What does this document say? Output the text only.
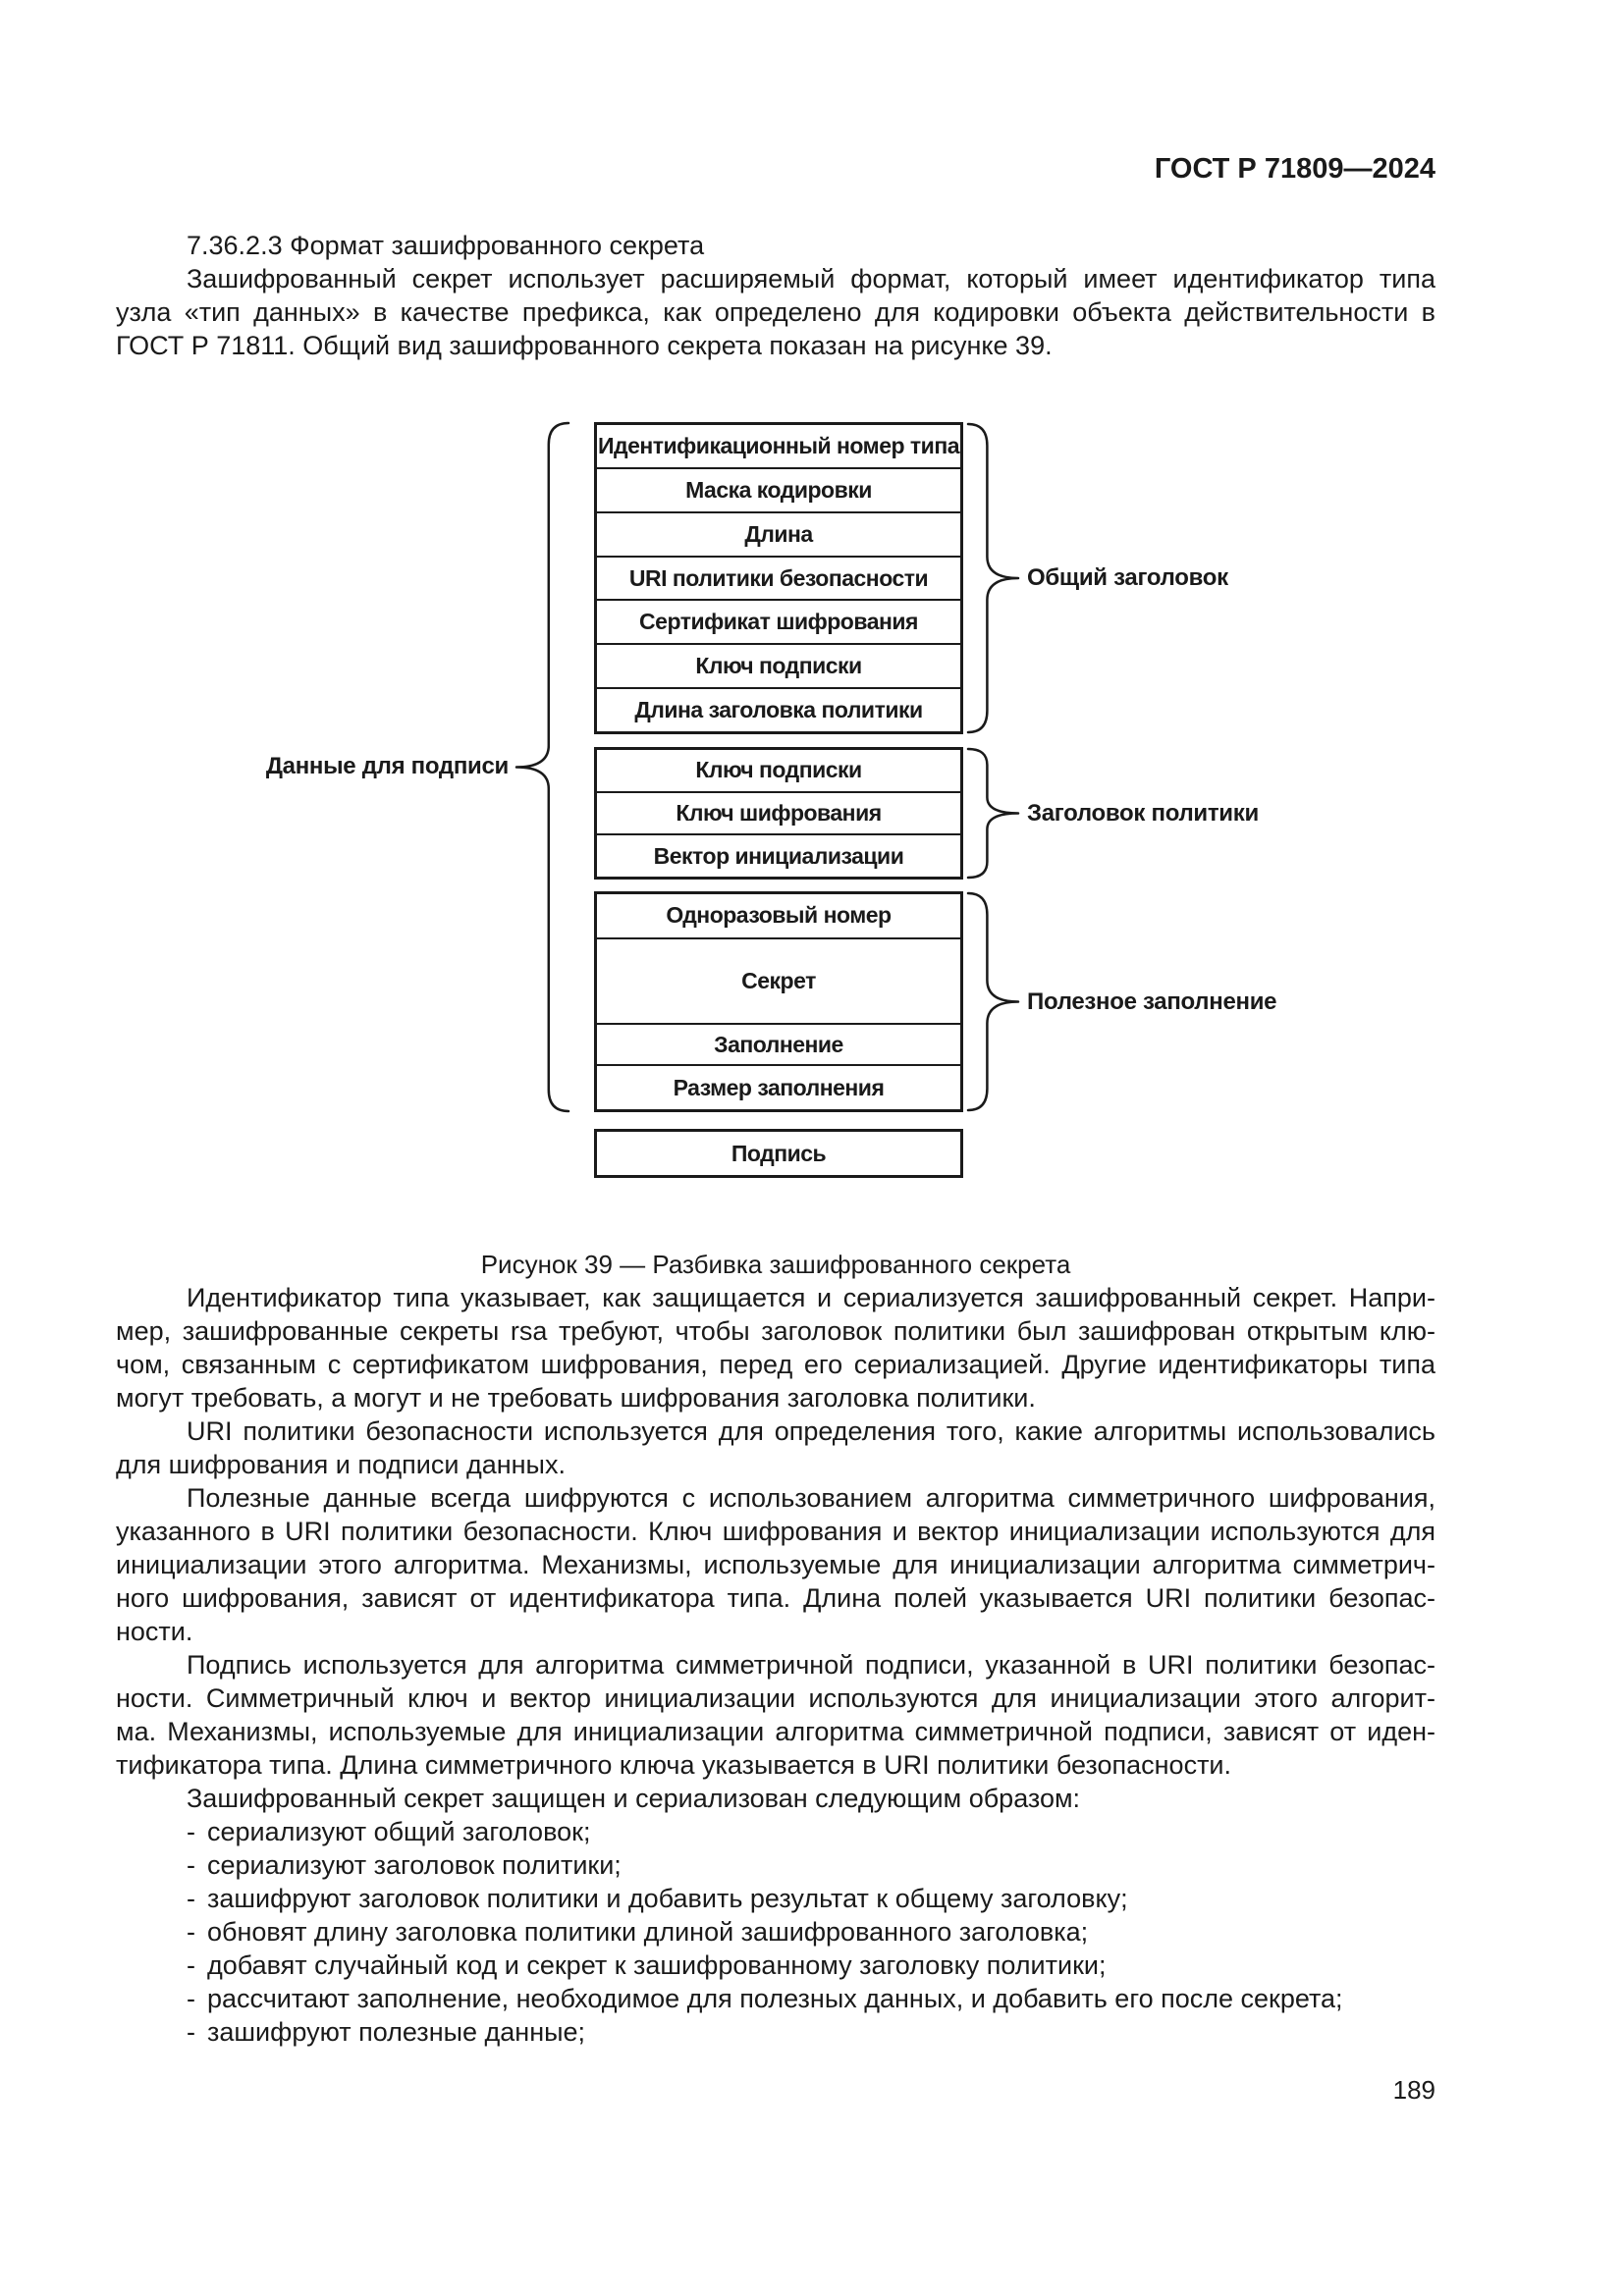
ГОСТ Р 71809—2024
7.36.2.3 Формат зашифрованного секрета
Зашифрованный секрет использует расширяемый формат, который имеет идентификатор типа
узла «тип данных» в качестве префикса, как определено для кодировки объекта действительности в
ГОСТ Р 71811. Общий вид зашифрованного секрета показан на рисунке 39.
Данные для подписи
Подпись
Идентификационный номер типа
Маска кодировки
Длина
URI политики безопасности
Сертификат шифрования
Ключ подписки
Длина заголовка политики
Общий заголовок
Ключ подписки
Ключ шифрования
Вектор инициализации
Заголовок политики
Одноразовый номер
Секрет
Заполнение
Размер заполнения
Полезное заполнение
Рисунок 39 — Разбивка зашифрованного секрета
Идентификатор типа указывает, как защищается и сериализуется зашифрованный секрет. Напри-
мер, зашифрованные секреты rsa требуют, чтобы заголовок политики был зашифрован открытым клю-
чом, связанным с сертификатом шифрования, перед его сериализацией. Другие идентификаторы типа
могут требовать, а могут и не требовать шифрования заголовка политики.
URI политики безопасности используется для определения того, какие алгоритмы использовались
для шифрования и подписи данных.
Полезные данные всегда шифруются с использованием алгоритма симметричного шифрования,
указанного в URI политики безопасности. Ключ шифрования и вектор инициализации используются для
инициализации этого алгоритма. Механизмы, используемые для инициализации алгоритма симметрич-
ного шифрования, зависят от идентификатора типа. Длина полей указывается URI политики безопас-
ности.
Подпись используется для алгоритма симметричной подписи, указанной в URI политики безопас-
ности. Симметричный ключ и вектор инициализации используются для инициализации этого алгорит-
ма. Механизмы, используемые для инициализации алгоритма симметричной подписи, зависят от иден-
тификатора типа. Длина симметричного ключа указывается в URI политики безопасности.
Зашифрованный секрет защищен и сериализован следующим образом:
- сериализуют общий заголовок;
- сериализуют заголовок политики;
- зашифруют заголовок политики и добавить результат к общему заголовку;
- обновят длину заголовка политики длиной зашифрованного заголовка;
- добавят случайный код и секрет к зашифрованному заголовку политики;
- рассчитают заполнение, необходимое для полезных данных, и добавить его после секрета;
- зашифруют полезные данные;
189
